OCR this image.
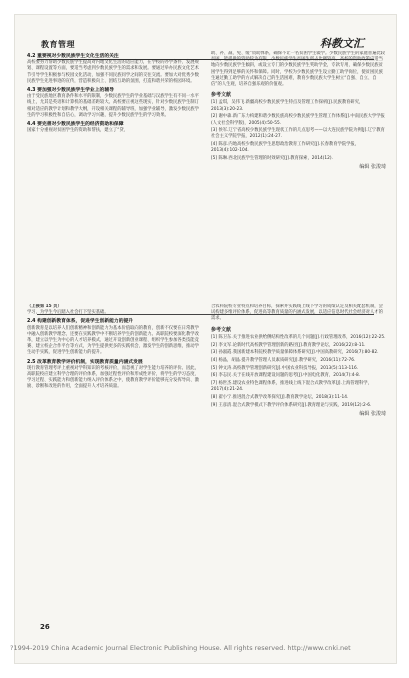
教育管理	科教文汇
4.2 重要视对少数民族学生文化生活的关注

高校要努力帮助少数民族学生提高对内地文化生活的适应能力，在学校的办学条件、发展规划、课程设置等方面，要适当考虑到少数民族学生的需求和发展。要通过举办民族文化艺术节引导学生积极参与校园文化活动，加强不同民族同学之间的交往交流。要加大对优秀少数民族学生先进事迹的宣传，营造积极向上、团结互助的氛围，打造和谐共荣的校园环境。

4.3 要加强对少数民族学生学业上的辅导

由于受民族地区教育条件和水平的限制，少数民族学生的学业基础与汉族学生有不同一水平线上，尤其是英语和计算机的基础差距较大。高校要正视这些现实，针对少数民族学生制订相对适应的教学计划和教学大纲，开设相关课程的辅导班，加强学业辅导，激发少数民族学生的学习积极性和自信心，调动学习兴趣，提升少数民族学生的学习效果。

4.4 要完善对少数民族学生的经济资助和保障

国家十分重视对贫困学生的资助和帮扶，建立了“贷、

助、补、减、免、缓”资助体系，确保不让一名贫困学生辍学。少数民族学生的家庭普遍比较贫困，能提供的资助较为有限。少数民族学生贫困生所占比例较高，高校的资助政策应适当地向少数民族学生倾斜，或设立专门的少数民族学生奖助学金，专款专用，确保少数民族贫困学生得到足够的关怀和保障。同时，学校为少数民族学生设立勤工助学岗位，使贫困民族生通过勤工助学的方式解决自己的生活困难，教育少数民族大学生树立“自强、自立、自信”的人生观，培养自强乐观的价值观。

参考文献
[1] 孟琪，吴伟飞.新疆高校少数民族学生特点及管理工作探析[J].民族教育研究，2013(3):20-23.
[2] 谢中森.新广东力构建和谐少数民族高校少数民族学生管理工作体系[J].中南民族大学学报(人文社会科学版)，2005(4):50-55.
[3] 侯军.辽宁省高校少数民族学生现状工作的几点思考——以大连民族学院为例[J].辽宁教育社会主义学院学报，2012(1):24-27.
[4] 陈彦.内地高校少数民族学生思想政治教育工作研究[J].长春教育学院学报，2013(4):102-104.
[5] 陈琳.西北民族学生管理的时效研究[J].教育探索，2014(12).
编辑 张浚琦

（上接第 15 页）

学习，为学生今后踏入社会打下坚实基础。

2.4 构建创新教育体系，促进学生创新能力的提升

创新教育是以培养人们创新精神和创新能力为基本价值取向的教育，创新不仅要在日常教学中融入创新教学理念，还要在实践教学中不断培养学生的创新能力。高职院校要深化教学改革，建立以学生为中心的人才培养模式，通过开设创新创业课程、组织学生参加各类技能竞赛、建立校企合作平台等方式，为学生提供更多的实践机会，激发学生的创新思维，推动学生动手实践，促进学生创新能力的提升。

2.5 改革教育教学评价机制，实现教育质量内涵式发展

现行教育管理考评上重视对学科知识的考核评价，而忽视了对学生能力培养的评价。因此，高职院校应建立科学合理的评价体系，加强过程性评价和形成性评价，将学生的学习态度、学习过程、实践能力和创新能力纳入评价体系之中，使教育教学评价能够充分发挥导向、激励、诊断和改进的作用，全面提升人才培养质量。

合农科院校专业特点和培养目标，探索并实践线上线下学习的成绩认定及相关配套机制，尝试构建多维评价体系，促进高等教育质量的内涵式发展，以适应信息时代社会经济对人才的需求。

参考文献
[1] 陈卫东.关于推进农业供给侧结构性改革的几个问题[J].行政管理改革，2016(12):22-25.
[2] 李文军.论新时代高校教学管理创新的路径[J].教育教学论坛，2016(22):8-11.
[3] 孙淑霞.我国新建本科院校教学质量保障体系研究[J].中国高教研究，2016(7):80-82.
[4] 杨晶，胡晶.提升教学管理人员素质研究[J].教学研究，2016(11):72-76.
[5] 钟文涛.高校教学管理创新研究[J].中国农业科技导报，2013(5):113-116.
[6] 李志民.关于在线开放课程建设问题的思考[J].中国电化教育，2014(7):4-8.
[7] 杨世杰.建设农业特色课程体系，推进线上线下混合式教学改革[J].上海管理科学，2017(4):21-24.
[8] 翟小宁.推进混合式教学改革探究[J].教育教学论坛，2018(3):11-14.
[9] 王彦清.混合式教学模式下教学评价体系研究[J].教育理论与实践，2019(12):2-6.
编辑 张浚琦
26
?1994-2019 China Academic Journal Electronic Publishing House. All rights reserved. http://www.cnki.net
